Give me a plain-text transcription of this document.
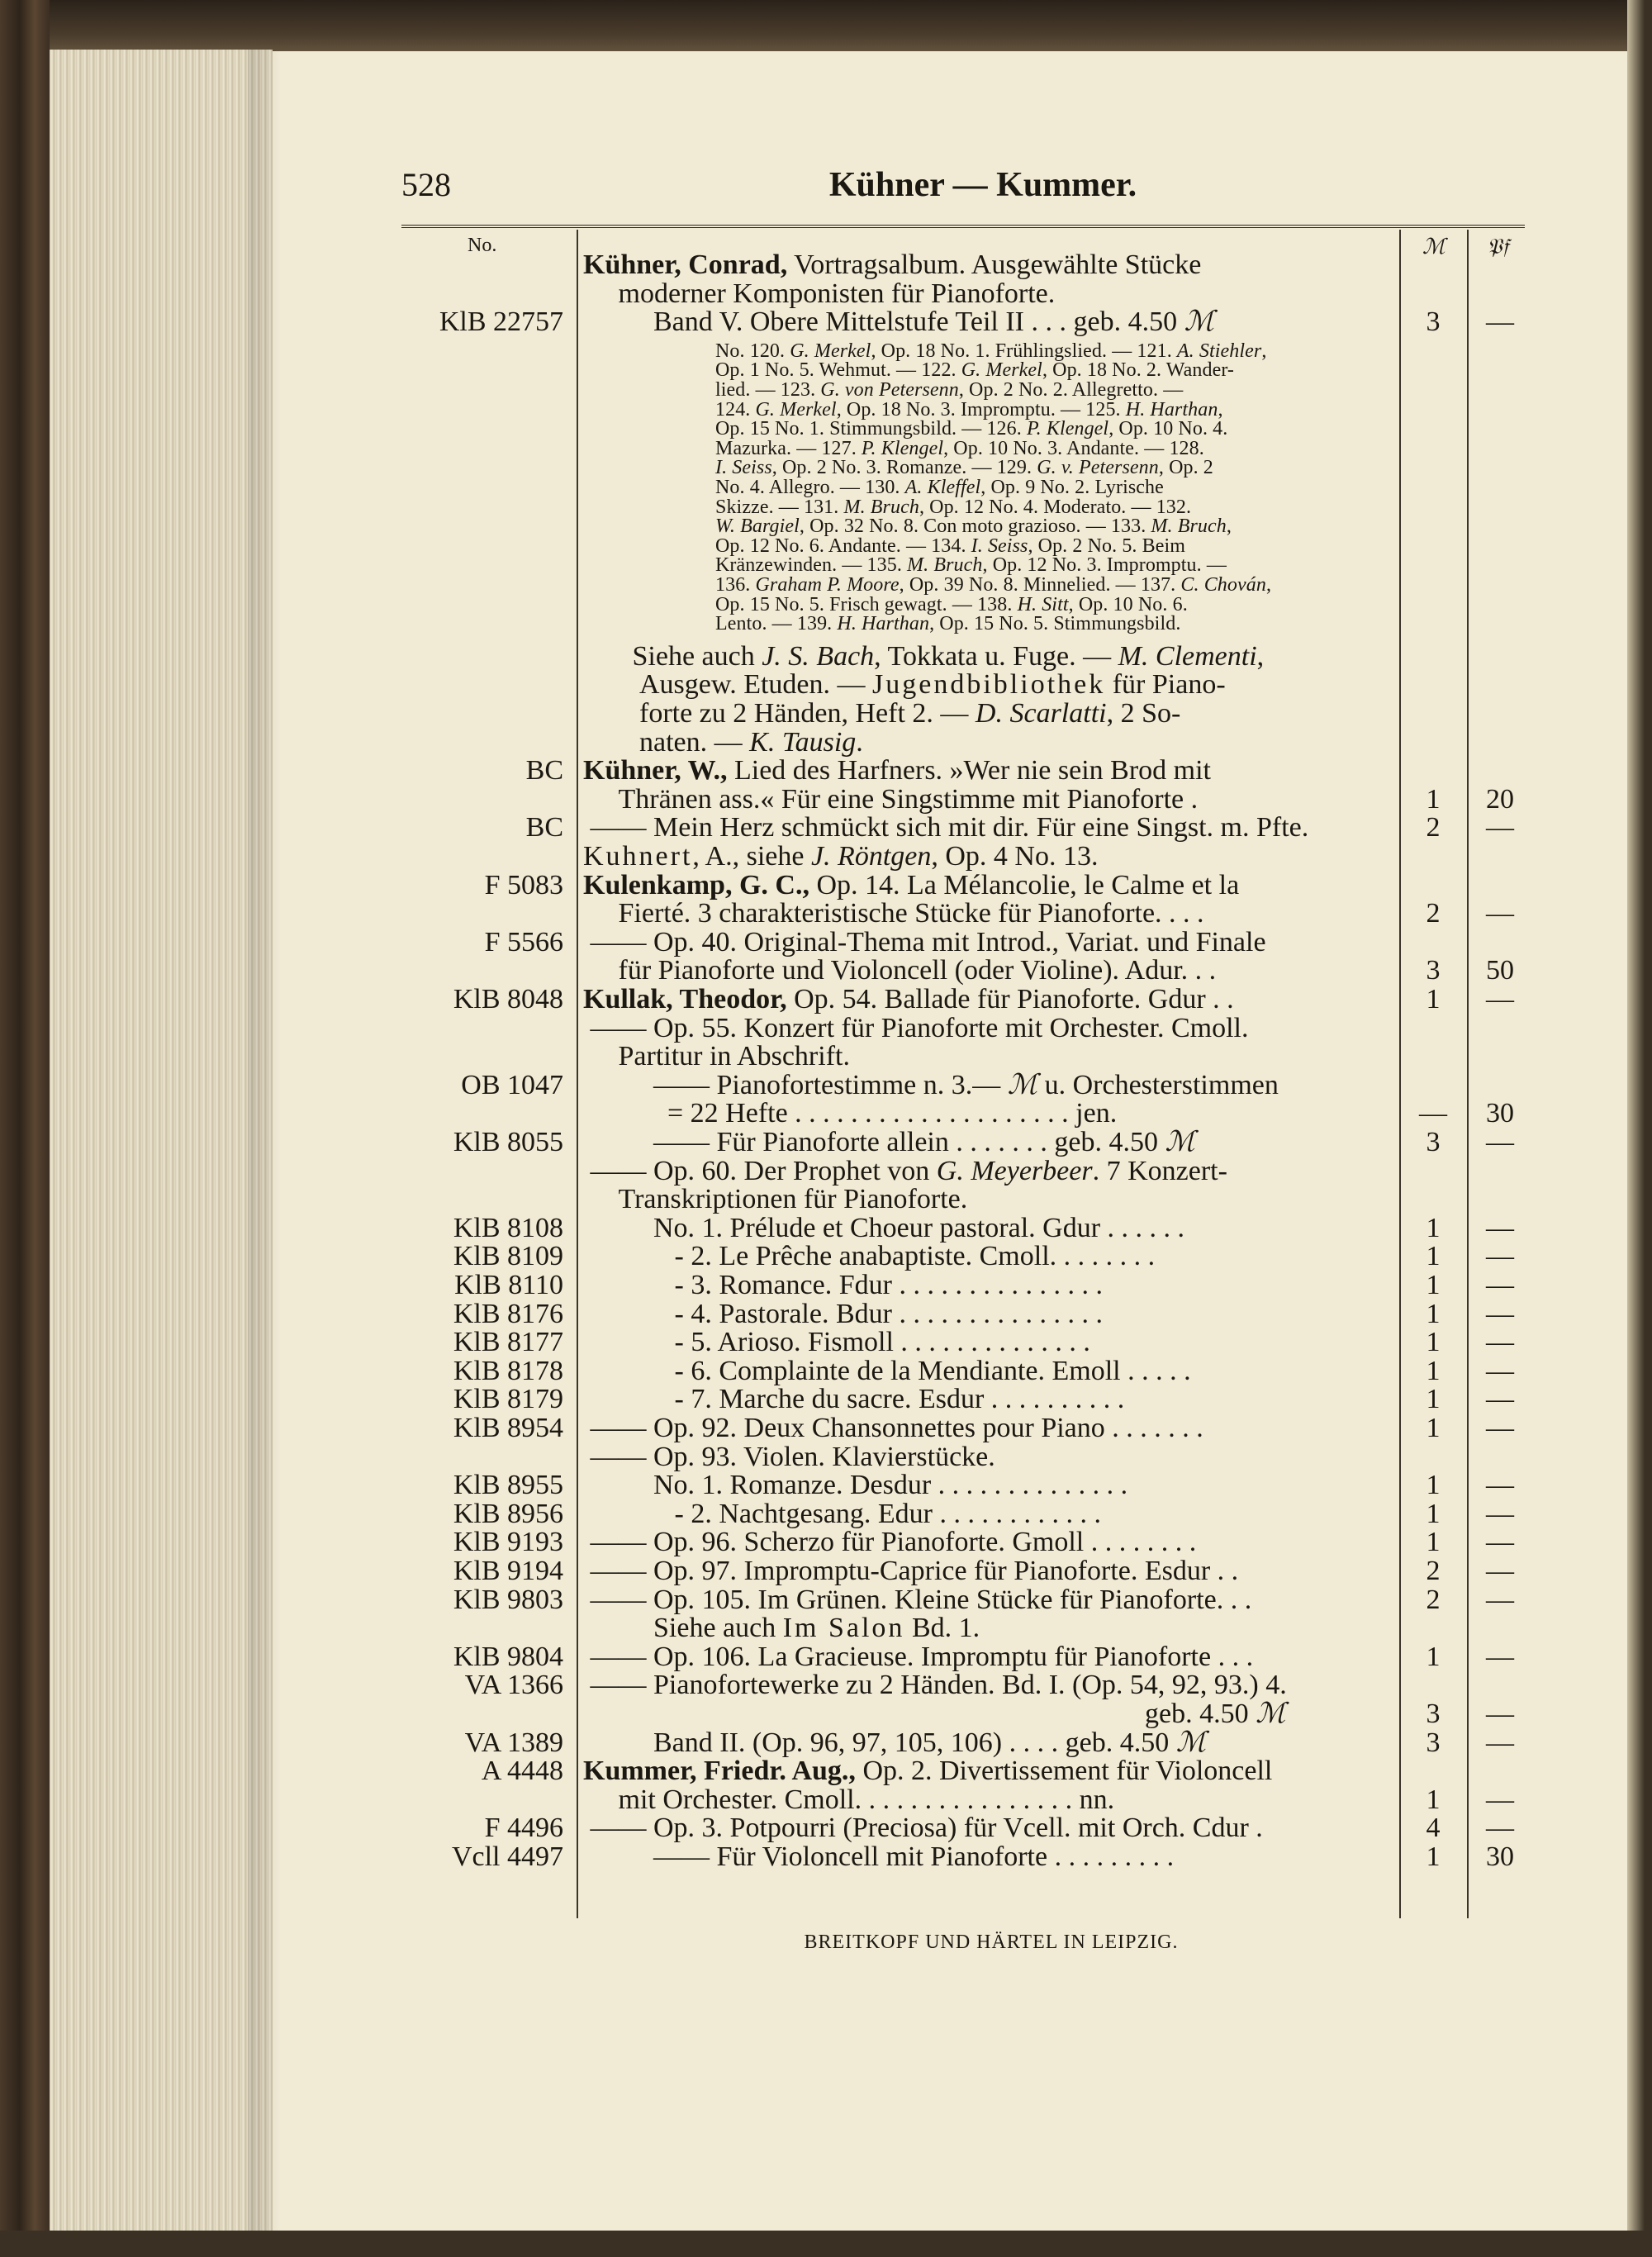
528	Kühner — Kummer.
No.	ℳ 𝔓𝔣
Kühner, Conrad, Vortragsalbum. Ausgewählte Stücke
moderner Komponisten für Pianoforte.
KlB 22757 Band V. Obere Mittelstufe Teil II . . . geb. 4.50 ℳ	3	—
No. 120. G. Merkel, Op. 18 No. 1. Frühlingslied. — 121. A. Stiehler,
Op. 1 No. 5. Wehmut. — 122. G. Merkel, Op. 18 No. 2. Wander-
lied. — 123. G. von Petersenn, Op. 2 No. 2. Allegretto. —
124. G. Merkel, Op. 18 No. 3. Impromptu. — 125. H. Harthan,
Op. 15 No. 1. Stimmungsbild. — 126. P. Klengel, Op. 10 No. 4.
Mazurka. — 127. P. Klengel, Op. 10 No. 3. Andante. — 128.
I. Seiss, Op. 2 No. 3. Romanze. — 129. G. v. Petersenn, Op. 2
No. 4. Allegro. — 130. A. Kleffel, Op. 9 No. 2. Lyrische
Skizze. — 131. M. Bruch, Op. 12 No. 4. Moderato. — 132.
W. Bargiel, Op. 32 No. 8. Con moto grazioso. — 133. M. Bruch,
Op. 12 No. 6. Andante. — 134. I. Seiss, Op. 2 No. 5. Beim
Kränzewinden. — 135. M. Bruch, Op. 12 No. 3. Impromptu. —
136. Graham P. Moore, Op. 39 No. 8. Minnelied. — 137. C. Chován,
Op. 15 No. 5. Frisch gewagt. — 138. H. Sitt, Op. 10 No. 6.
Lento. — 139. H. Harthan, Op. 15 No. 5. Stimmungsbild.
Siehe auch J. S. Bach, Tokkata u. Fuge. — M. Clementi,
Ausgew. Etuden. — Jugendbibliothek für Piano-
forte zu 2 Händen, Heft 2. — D. Scarlatti, 2 So-
naten. — K. Tausig.
BC Kühner, W., Lied des Harfners. »Wer nie sein Brod mit
Thränen ass.« Für eine Singstimme mit Pianoforte .	1	20
BC —— Mein Herz schmückt sich mit dir. Für eine Singst. m. Pfte.	2	—
Kuhnert, A., siehe J. Röntgen, Op. 4 No. 13.
F 5083 Kulenkamp, G. C., Op. 14. La Mélancolie, le Calme et la
Fierté. 3 charakteristische Stücke für Pianoforte. . . .	2	—
F 5566 —— Op. 40. Original-Thema mit Introd., Variat. und Finale
für Pianoforte und Violoncell (oder Violine). Adur. . .	3	50
KlB 8048 Kullak, Theodor, Op. 54. Ballade für Pianoforte. Gdur . .	1	—
—— Op. 55. Konzert für Pianoforte mit Orchester. Cmoll.
Partitur in Abschrift.
OB 1047 —— Pianofortestimme n. 3.— ℳ u. Orchesterstimmen
= 22 Hefte . . . . . . . . . . . . . . . . . . . . jen.	—	30
KlB 8055 —— Für Pianoforte allein . . . . . . . geb. 4.50 ℳ	3	—
—— Op. 60. Der Prophet von G. Meyerbeer. 7 Konzert-
Transkriptionen für Pianoforte.
KlB 8108 No. 1. Prélude et Choeur pastoral. Gdur . . . . . .	1	—
KlB 8109 - 2. Le Prêche anabaptiste. Cmoll. . . . . . . .	1	—
KlB 8110 - 3. Romance. Fdur . . . . . . . . . . . . . . .	1	—
KlB 8176 - 4. Pastorale. Bdur . . . . . . . . . . . . . . .	1	—
KlB 8177 - 5. Arioso. Fismoll . . . . . . . . . . . . . .	1	—
KlB 8178 - 6. Complainte de la Mendiante. Emoll . . . . .	1	—
KlB 8179 - 7. Marche du sacre. Esdur . . . . . . . . . .	1	—
KlB 8954 —— Op. 92. Deux Chansonnettes pour Piano . . . . . . .	1	—
—— Op. 93. Violen. Klavierstücke.
KlB 8955 No. 1. Romanze. Desdur . . . . . . . . . . . . . .	1	—
KlB 8956 - 2. Nachtgesang. Edur . . . . . . . . . . . .	1	—
KlB 9193 —— Op. 96. Scherzo für Pianoforte. Gmoll . . . . . . . .	1	—
KlB 9194 —— Op. 97. Impromptu-Caprice für Pianoforte. Esdur . .	2	—
KlB 9803 —— Op. 105. Im Grünen. Kleine Stücke für Pianoforte. . .	2	—
Siehe auch Im Salon Bd. 1.
KlB 9804 —— Op. 106. La Gracieuse. Impromptu für Pianoforte . . .	1	—
VA 1366 —— Pianofortewerke zu 2 Händen. Bd. I. (Op. 54, 92, 93.) 4.
geb. 4.50 ℳ	3	—
VA 1389 Band II. (Op. 96, 97, 105, 106) . . . . geb. 4.50 ℳ	3	—
A 4448 Kummer, Friedr. Aug., Op. 2. Divertissement für Violoncell
mit Orchester. Cmoll. . . . . . . . . . . . . . . . nn.	1	—
F 4496 —— Op. 3. Potpourri (Preciosa) für Vcell. mit Orch. Cdur .	4	—
Vcll 4497 —— Für Violoncell mit Pianoforte . . . . . . . . .	1	30
BREITKOPF UND HÄRTEL IN LEIPZIG.
